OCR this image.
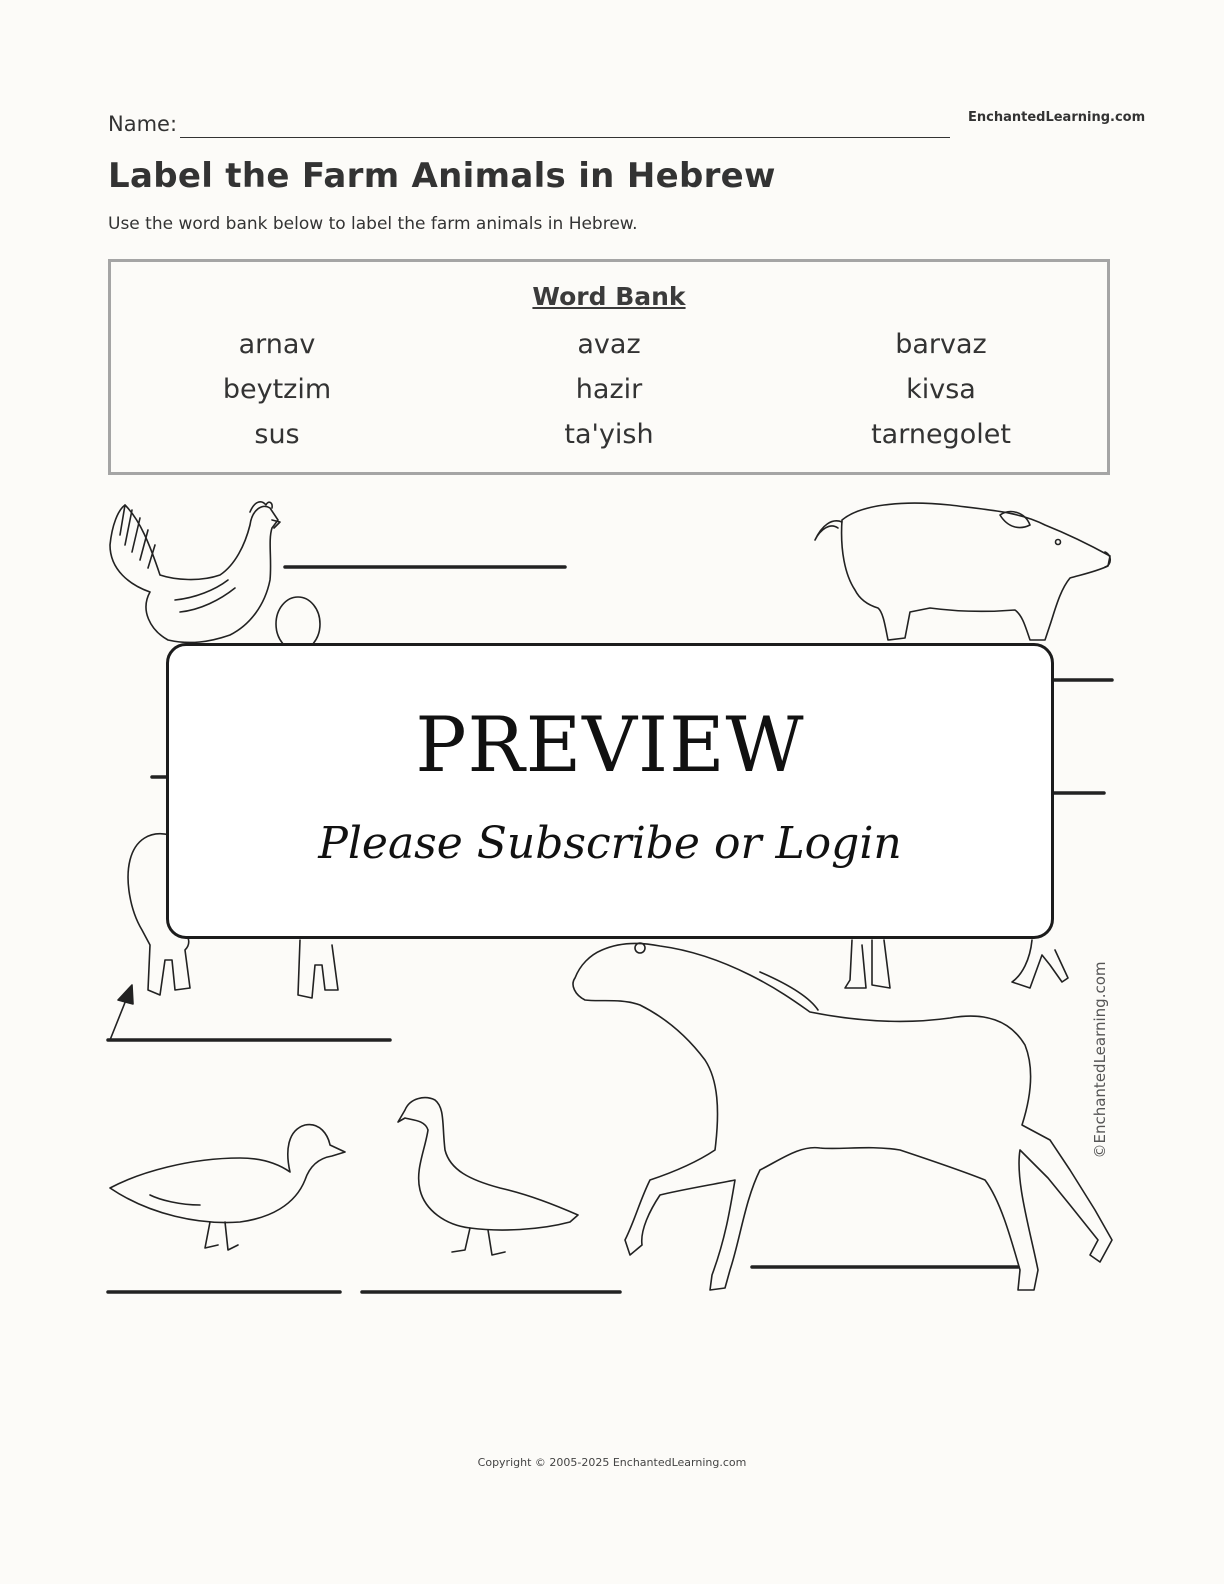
Name:	EnchantedLearning.com
Label the Farm Animals in Hebrew
Use the word bank below to label the farm animals in Hebrew.
Word Bank
arnav	avaz	barvaz
beytzim	hazir	kivsa
sus	ta'yish	tarnegolet
PREVIEW
Please Subscribe or Login
©EnchantedLearning.com
Copyright © 2005-2025 EnchantedLearning.com
